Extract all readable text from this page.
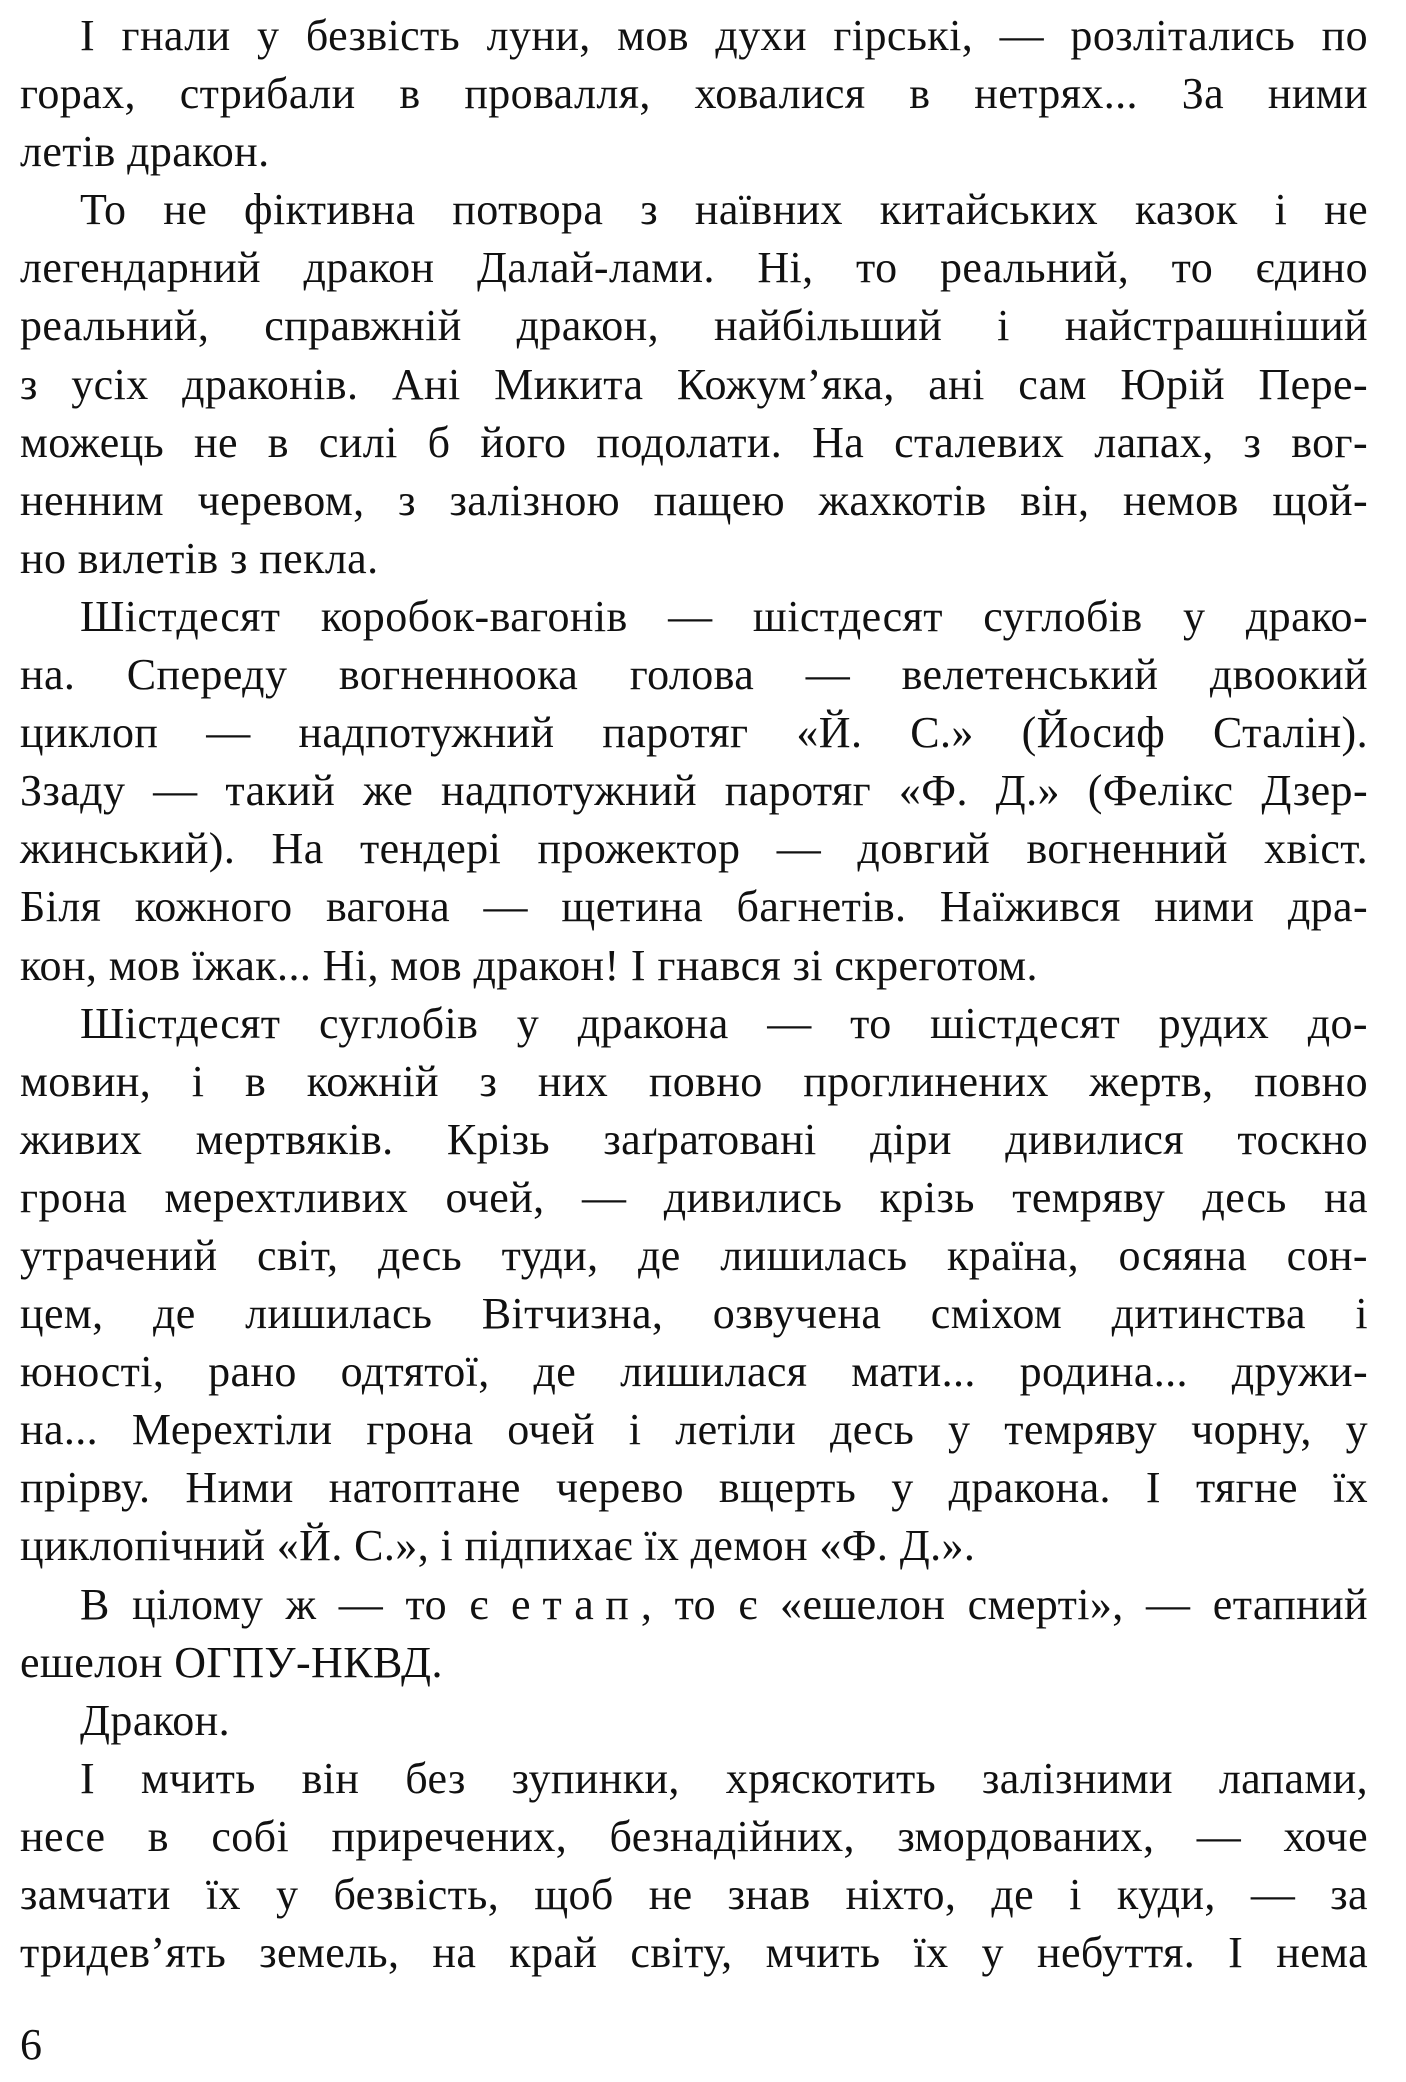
І гнали у безвість луни, мов духи гірські, — розлітались по
горах, стрибали в провалля, ховалися в нетрях... За ними
летів дракон.
То не фіктивна потвора з наївних китайських казок і не
легендарний дракон Далай-лами. Ні, то реальний, то єдино
реальний, справжній дракон, найбільший і найстрашніший
з усіх драконів. Ані Микита Кожум’яка, ані сам Юрій Пере-
можець не в силі б його подолати. На сталевих лапах, з вог-
ненним черевом, з залізною пащею жахкотів він, немов щой-
но вилетів з пекла.
Шістдесят коробок-вагонів — шістдесят суглобів у драко-
на. Спереду вогненноока голова — велетенський двоокий
циклоп — надпотужний паротяг «Й. С.» (Йосиф Сталін).
Ззаду — такий же надпотужний паротяг «Ф. Д.» (Фелікс Дзер-
жинський). На тендері прожектор — довгий вогненний хвіст.
Біля кожного вагона — щетина багнетів. Наїжився ними дра-
кон, мов їжак... Ні, мов дракон! І гнався зі скреготом.
Шістдесят суглобів у дракона — то шістдесят рудих до-
мовин, і в кожній з них повно проглинених жертв, повно
живих мертвяків. Крізь заґратовані діри дивилися тоскно
грона мерехтливих очей, — дивились крізь темряву десь на
утрачений світ, десь туди, де лишилась країна, осяяна сон-
цем, де лишилась Вітчизна, озвучена сміхом дитинства і
юності, рано одтятої, де лишилася мати... родина... дружи-
на... Мерехтіли грона очей і летіли десь у темряву чорну, у
прірву. Ними натоптане черево вщерть у дракона. І тягне їх
циклопічний «Й. С.», і підпихає їх демон «Ф. Д.».
В цілому ж — то є етап, то є «ешелон смерті», — етапний
ешелон ОГПУ-НКВД.
Дракон.
І мчить він без зупинки, хряскотить залізними лапами,
несе в собі приречених, безнадійних, змордованих, — хоче
замчати їх у безвість, щоб не знав ніхто, де і куди, — за
тридев’ять земель, на край світу, мчить їх у небуття. І нема
6
